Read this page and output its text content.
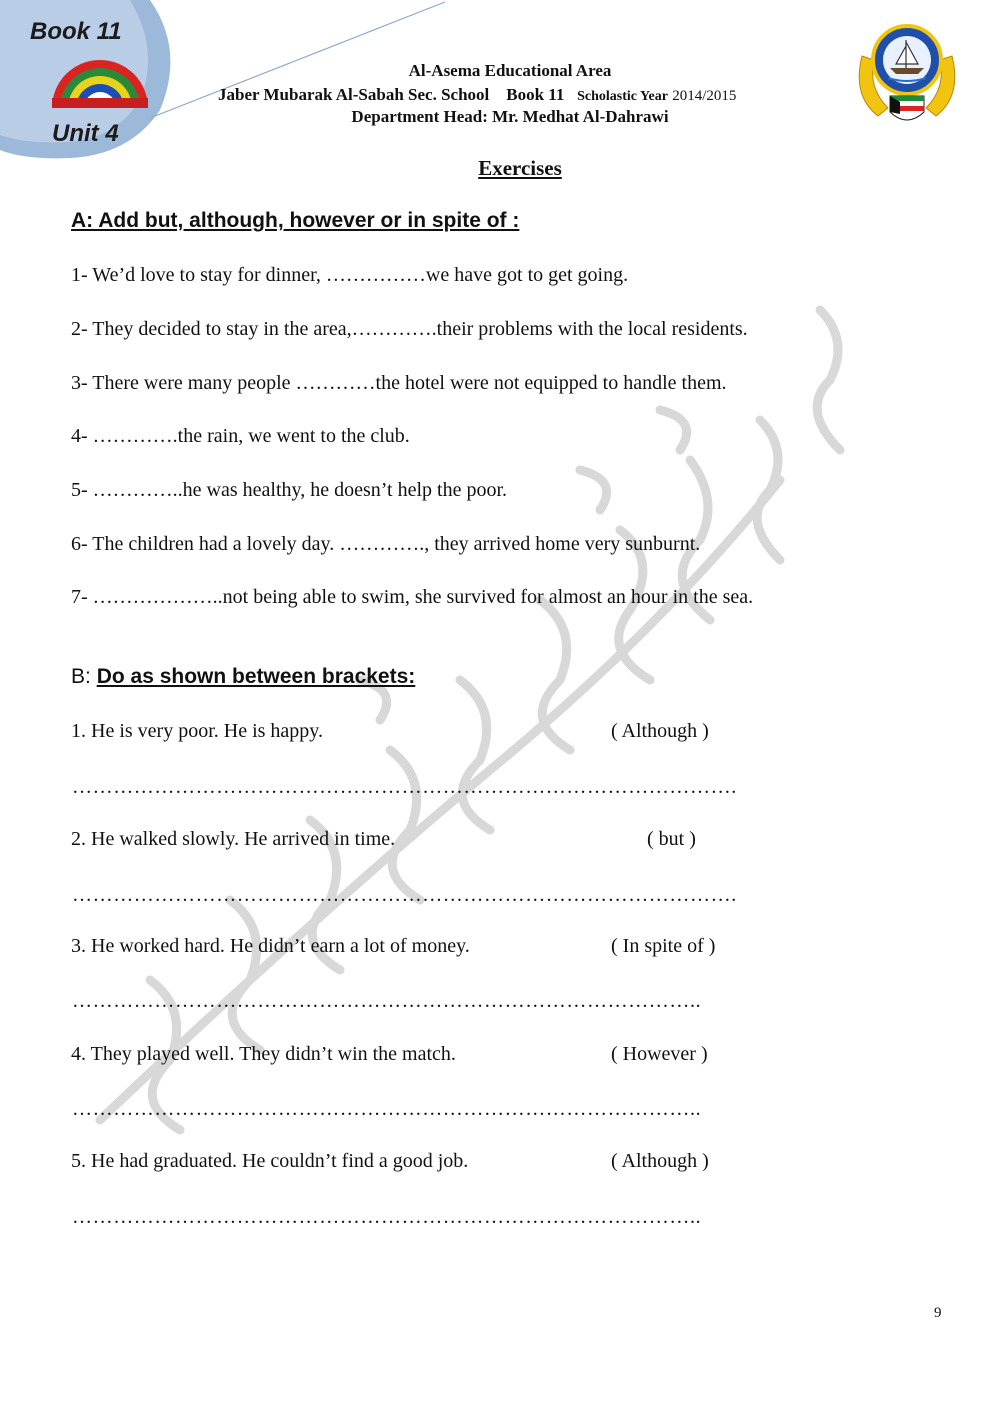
Book 11
Unit 4
Al-Asema Educational Area
Jaber Mubarak Al-Sabah Sec. School Book 11 Scholastic Year 2014/2015
Department Head: Mr. Medhat Al-Dahrawi
Exercises
A: Add but, although, however or in spite of :
1- We’d love to stay for dinner, ……………we have got to get going.
2- They decided to stay in the area,………….their problems with the local residents.
3- There were many people …………the hotel were not equipped to handle them.
4- ………….the rain, we went to the club.
5- …………..he was healthy, he doesn’t help the poor.
6- The children had a lovely day. …………., they arrived home very sunburnt.
7- ………………..not being able to swim, she survived for almost an hour in the sea.
B: Do as shown between brackets:
1. He is very poor. He is happy.	( Although )
…………………………………………………………………………………….
2. He walked slowly. He arrived in time.	( but )
…………………………………………………………………………………….
3. He worked hard. He didn’t earn a lot of money.	( In spite of )
………………………………………………………………………………..
4. They played well. They didn’t win the match.	( However )
………………………………………………………………………………..
5. He had graduated. He couldn’t find a good job.	( Although )
………………………………………………………………………………..
9
